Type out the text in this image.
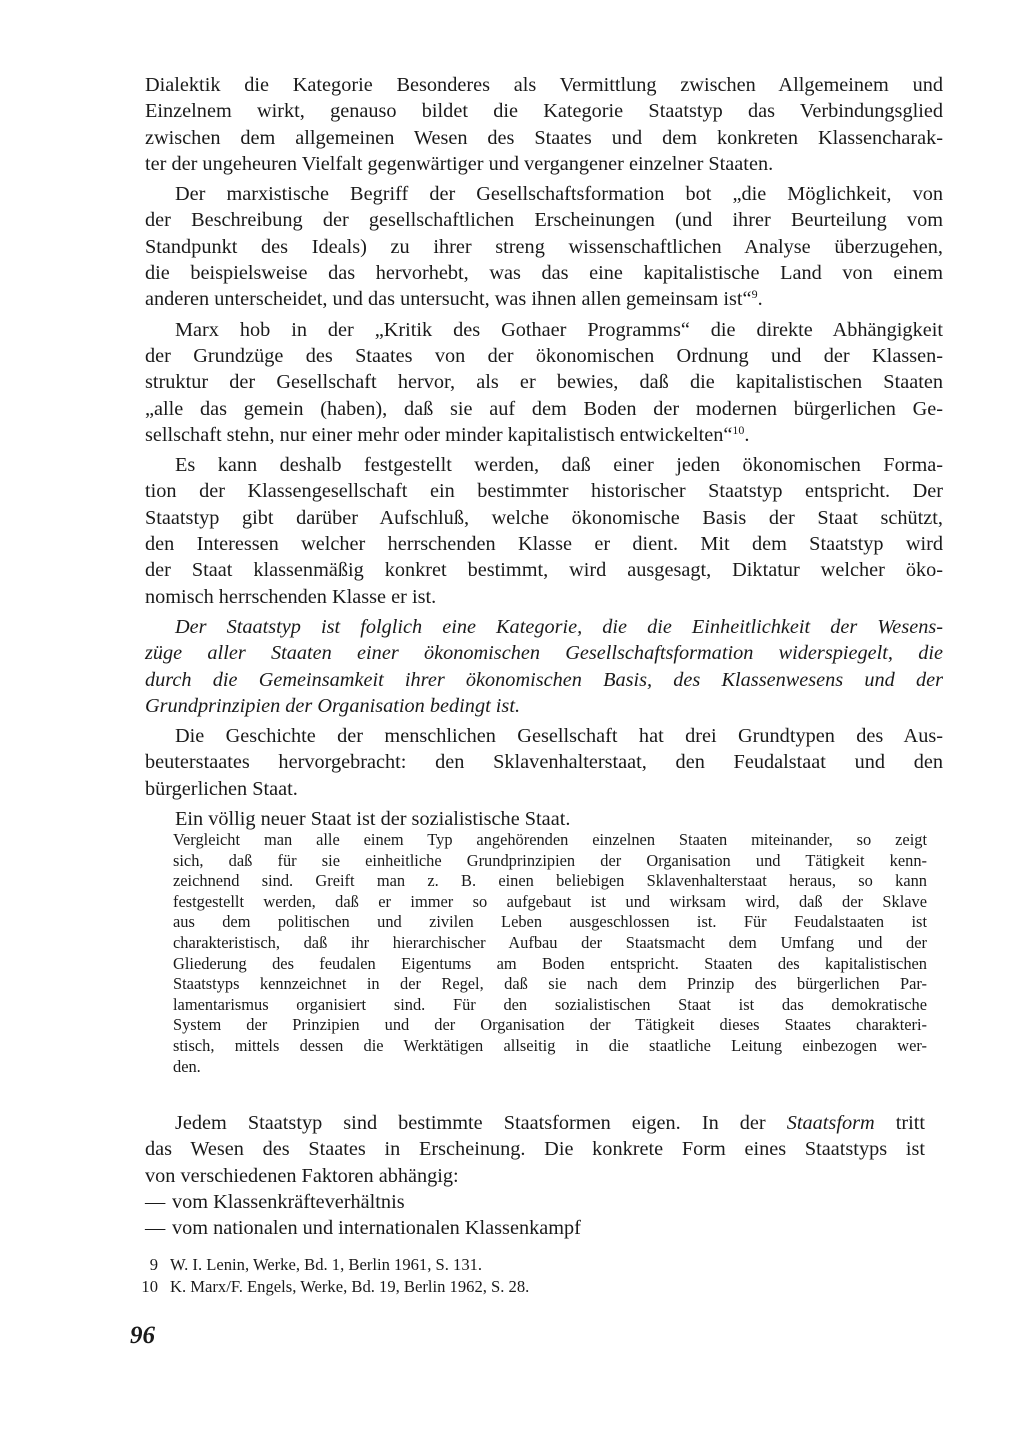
Dialektik die Kategorie Besonderes als Vermittlung zwischen Allgemeinem und
Einzelnem wirkt, genauso bildet die Kategorie Staatstyp das Verbindungsglied
zwischen dem allgemeinen Wesen des Staates und dem konkreten Klassencharak-
ter der ungeheuren Vielfalt gegenwärtiger und vergangener einzelner Staaten.

Der marxistische Begriff der Gesellschaftsformation bot „die Möglichkeit, von
der Beschreibung der gesellschaftlichen Erscheinungen (und ihrer Beurteilung vom
Standpunkt des Ideals) zu ihrer streng wissenschaftlichen Analyse überzugehen,
die beispielsweise das hervorhebt, was das eine kapitalistische Land von einem
anderen unterscheidet, und das untersucht, was ihnen allen gemeinsam ist“$^9$.

Marx hob in der „Kritik des Gothaer Programms“ die direkte Abhängigkeit
der Grundzüge des Staates von der ökonomischen Ordnung und der Klassen-
struktur der Gesellschaft hervor, als er bewies, daß die kapitalistischen Staaten
„alle das gemein (haben), daß sie auf dem Boden der modernen bürgerlichen Ge-
sellschaft stehn, nur einer mehr oder minder kapitalistisch entwickelten“$^{10}$.

Es kann deshalb festgestellt werden, daß einer jeden ökonomischen Forma-
tion der Klassengesellschaft ein bestimmter historischer Staatstyp entspricht. Der
Staatstyp gibt darüber Aufschluß, welche ökonomische Basis der Staat schützt,
den Interessen welcher herrschenden Klasse er dient. Mit dem Staatstyp wird
der Staat klassenmäßig konkret bestimmt, wird ausgesagt, Diktatur welcher öko-
nomisch herrschenden Klasse er ist.

Der Staatstyp ist folglich eine Kategorie, die die Einheitlichkeit der Wesens-
züge aller Staaten einer ökonomischen Gesellschaftsformation widerspiegelt, die
durch die Gemeinsamkeit ihrer ökonomischen Basis, des Klassenwesens und der
Grundprinzipien der Organisation bedingt ist.

Die Geschichte der menschlichen Gesellschaft hat drei Grundtypen des Aus-
beuterstaates hervorgebracht: den Sklavenhalterstaat, den Feudalstaat und den
bürgerlichen Staat.

Ein völlig neuer Staat ist der sozialistische Staat.

Vergleicht man alle einem Typ angehörenden einzelnen Staaten miteinander, so zeigt
sich, daß für sie einheitliche Grundprinzipien der Organisation und Tätigkeit kenn-
zeichnend sind. Greift man z. B. einen beliebigen Sklavenhalterstaat heraus, so kann
festgestellt werden, daß er immer so aufgebaut ist und wirksam wird, daß der Sklave
aus dem politischen und zivilen Leben ausgeschlossen ist. Für Feudalstaaten ist
charakteristisch, daß ihr hierarchischer Aufbau der Staatsmacht dem Umfang und der
Gliederung des feudalen Eigentums am Boden entspricht. Staaten des kapitalistischen
Staatstyps kennzeichnet in der Regel, daß sie nach dem Prinzip des bürgerlichen Par-
lamentarismus organisiert sind. Für den sozialistischen Staat ist das demokratische
System der Prinzipien und der Organisation der Tätigkeit dieses Staates charakteri-
stisch, mittels dessen die Werktätigen allseitig in die staatliche Leitung einbezogen wer-
den.

Jedem Staatstyp sind bestimmte Staatsformen eigen. In der Staatsform tritt
das Wesen des Staates in Erscheinung. Die konkrete Form eines Staatstyps ist
von verschiedenen Faktoren abhängig:

— vom Klassenkräfteverhältnis
— vom nationalen und internationalen Klassenkampf
9 W. I. Lenin, Werke, Bd. 1, Berlin 1961, S. 131.
10 K. Marx/F. Engels, Werke, Bd. 19, Berlin 1962, S. 28.
96
